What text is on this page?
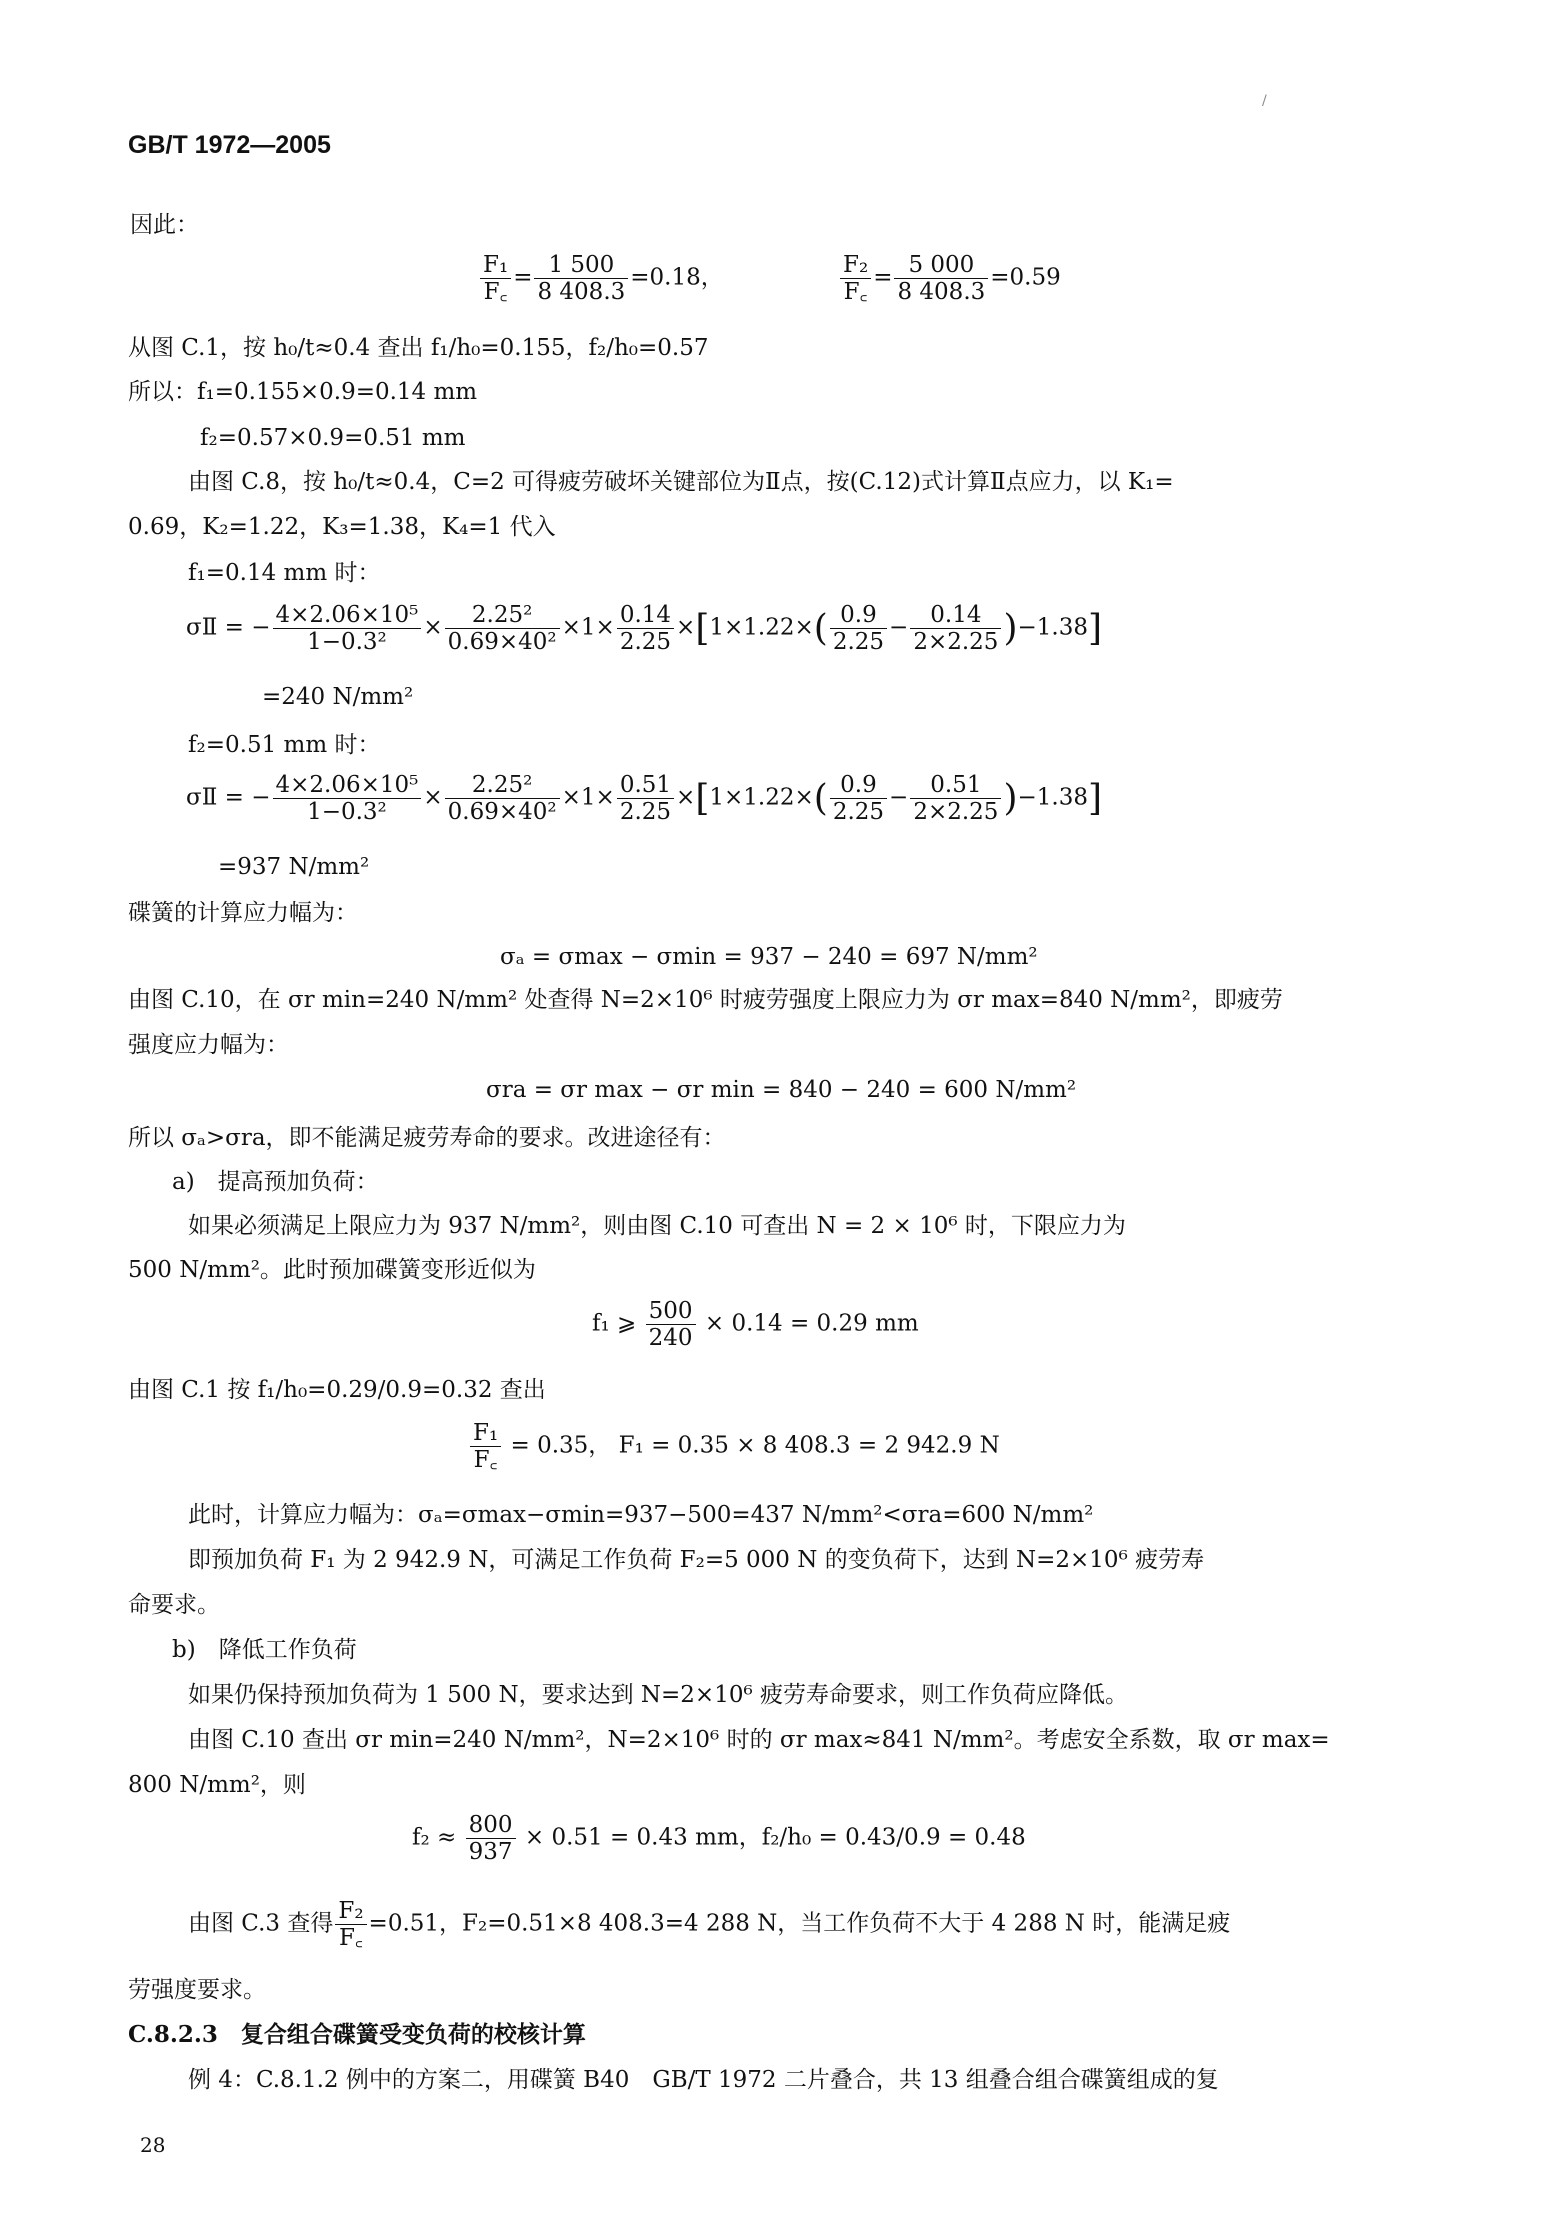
GB/T 1972—2005
/
因此：
$\frac{\text{F₁}}{F꜀} = \frac{1 500}{8 408.3} =0.18$，	$\frac{\text{F₂}}{F꜀} = \frac{5 000}{8 408.3} =0.59$
从图 C.1，按 h₀/t≈0.4 查出 f₁/h₀=0.155，f₂/h₀=0.57
所以：f₁=0.155×0.9=0.14 mm
f₂=0.57×0.9=0.51 mm
由图 C.8，按 h₀/t≈0.4，C=2 可得疲劳破坏关键部位为Ⅱ点，按(C.12)式计算Ⅱ点应力，以 K₁=
0.69，K₂=1.22，K₃=1.38，K₄=1 代入
f₁=0.14 mm 时：
σⅡ = − $\frac{\text{4×2.06×10⁵}}{\text{1−0.3²}} \times \frac{\text{2.25²}}{\text{0.69×40²}} \times 1\times \frac{0.14}{2.25} \times[1\times 1.22\times( \frac{0.9}{2.25} - \frac{0.14}{2\times 2.25} )-1.38]$
=240 N/mm²
f₂=0.51 mm 时：
σⅡ = − $\frac{\text{4×2.06×10⁵}}{\text{1−0.3²}} \times \frac{\text{2.25²}}{\text{0.69×40²}} \times 1\times \frac{0.51}{2.25} \times[1\times 1.22\times( \frac{0.9}{2.25} - \frac{0.51}{2\times 2.25} )-1.38]$
=937 N/mm²
碟簧的计算应力幅为：
σₐ = σmax − σmin = 937 − 240 = 697 N/mm²
由图 C.10，在 σr min=240 N/mm² 处查得 N=2×10⁶ 时疲劳强度上限应力为 σr max=840 N/mm²，即疲劳
强度应力幅为：
σra = σr max − σr min = 840 − 240 = 600 N/mm²
所以 σₐ>σra，即不能满足疲劳寿命的要求。改进途径有：
a)　提高预加负荷：
如果必须满足上限应力为 937 N/mm²，则由图 C.10 可查出 N = 2 × 10⁶ 时，下限应力为
500 N/mm²。此时预加碟簧变形近似为
f₁ ⩾ $\frac{500}{240} \times 0.14 = 0.29$ mm
由图 C.1 按 f₁/h₀=0.29/0.9=0.32 查出
$\frac{\text{F₁}}{F꜀} = 0.35$， F₁ = 0.35 × 8 408.3 = 2 942.9 N
此时，计算应力幅为：σₐ=σmax−σmin=937−500=437 N/mm²<σra=600 N/mm²
即预加负荷 F₁ 为 2 942.9 N，可满足工作负荷 F₂=5 000 N 的变负荷下，达到 N=2×10⁶ 疲劳寿
命要求。
b)　降低工作负荷
如果仍保持预加负荷为 1 500 N，要求达到 N=2×10⁶ 疲劳寿命要求，则工作负荷应降低。
由图 C.10 查出 σr min=240 N/mm²，N=2×10⁶ 时的 σr max≈841 N/mm²。考虑安全系数，取 σr max=
800 N/mm²，则
$f_2 \approx \frac{800}{937} \times 0.51 = 0.43$ mm，f₂/h₀ = 0.43/0.9 = 0.48
由图 C.3 查得 $\frac{\text{F₂}}{F꜀} =0.51$，F₂=0.51×8 408.3=4 288 N，当工作负荷不大于 4 288 N 时，能满足疲
劳强度要求。
C.8.2.3　复合组合碟簧受变负荷的校核计算
例 4：C.8.1.2 例中的方案二，用碟簧 B40　GB/T 1972 二片叠合，共 13 组叠合组合碟簧组成的复
28
